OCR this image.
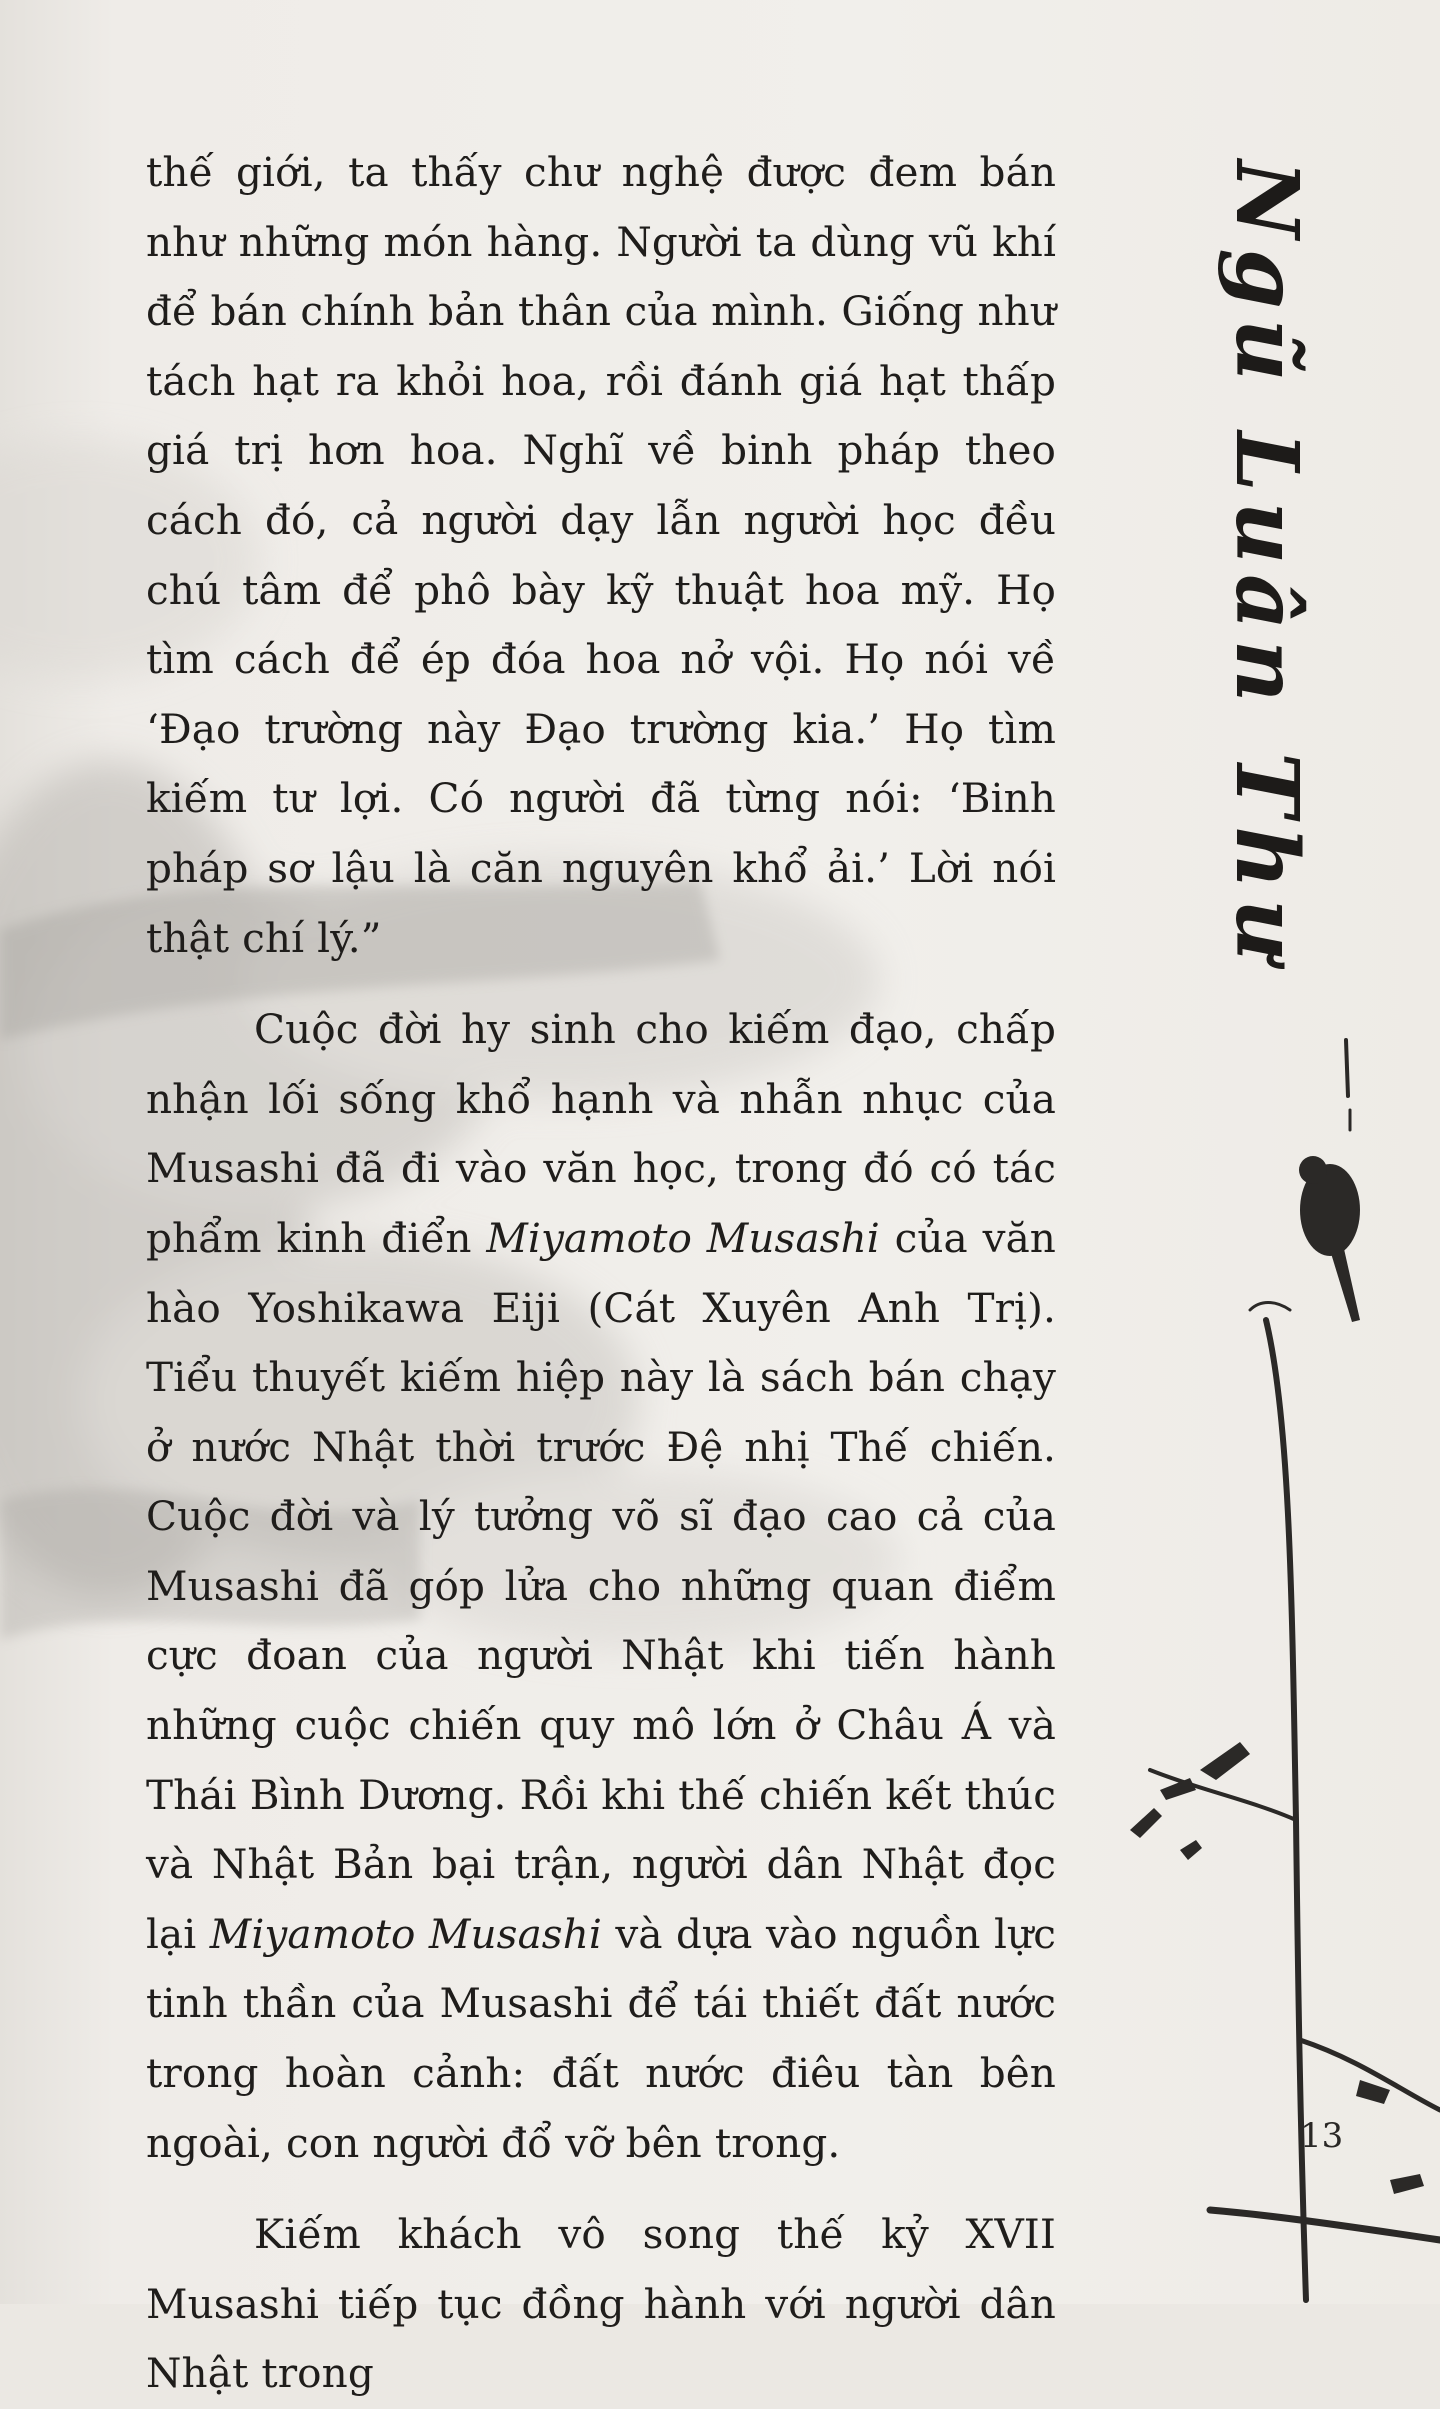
Ngũ Luân Thư

thế giới, ta thấy chư nghệ được đem bán như những món hàng. Người ta dùng vũ khí để bán chính bản thân của mình. Giống như tách hạt ra khỏi hoa, rồi đánh giá hạt thấp giá trị hơn hoa. Nghĩ về binh pháp theo cách đó, cả người dạy lẫn người học đều chú tâm để phô bày kỹ thuật hoa mỹ. Họ tìm cách để ép đóa hoa nở vội. Họ nói về ‘Đạo trường này Đạo trường kia.’ Họ tìm kiếm tư lợi. Có người đã từng nói: ‘Binh pháp sơ lậu là căn nguyên khổ ải.’ Lời nói thật chí lý.”

Cuộc đời hy sinh cho kiếm đạo, chấp nhận lối sống khổ hạnh và nhẫn nhục của Musashi đã đi vào văn học, trong đó có tác phẩm kinh điển Miyamoto Musashi của văn hào Yoshikawa Eiji (Cát Xuyên Anh Trị). Tiểu thuyết kiếm hiệp này là sách bán chạy ở nước Nhật thời trước Đệ nhị Thế chiến. Cuộc đời và lý tưởng võ sĩ đạo cao cả của Musashi đã góp lửa cho những quan điểm cực đoan của người Nhật khi tiến hành những cuộc chiến quy mô lớn ở Châu Á và Thái Bình Dương. Rồi khi thế chiến kết thúc và Nhật Bản bại trận, người dân Nhật đọc lại Miyamoto Musashi và dựa vào nguồn lực tinh thần của Musashi để tái thiết đất nước trong hoàn cảnh: đất nước điêu tàn bên ngoài, con người đổ vỡ bên trong.

Kiếm khách vô song thế kỷ XVII Musashi tiếp tục đồng hành với người dân Nhật trong

13
